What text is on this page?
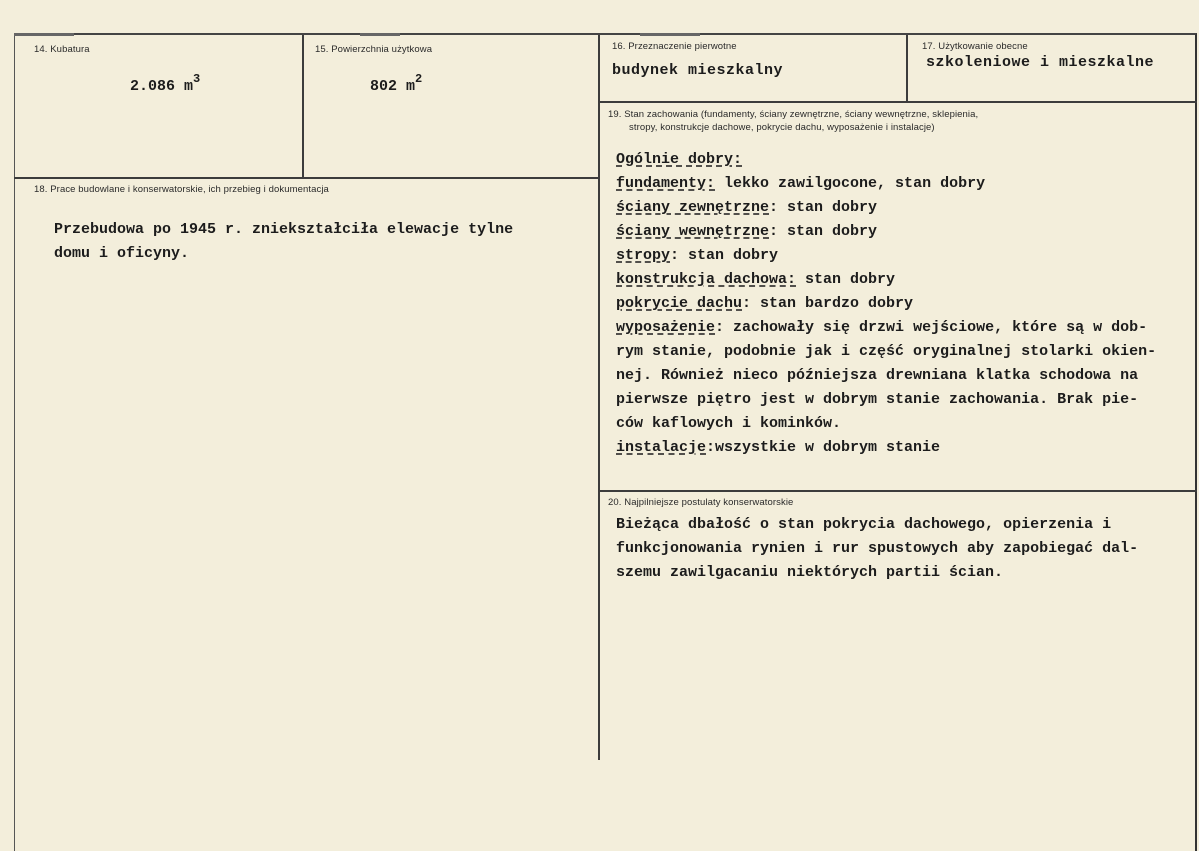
14. Kubatura
2.086 $m^3$
15. Powierzchnia użytkowa
802 $m^2$
16. Przeznaczenie pierwotne
budynek mieszkalny
17. Użytkowanie obecne
szkoleniowe i mieszkalne
18. Prace budowlane i konserwatorskie, ich przebieg i dokumentacja
Przebudowa po 1945 r. zniekształciła elewacje tylne
domu i oficyny.
19. Stan zachowania (fundamenty, ściany zewnętrzne, ściany wewnętrzne, sklepienia,
stropy, konstrukcje dachowe, pokrycie dachu, wyposażenie i instalacje)
Ogólnie dobry:
fundamenty: lekko zawilgocone, stan dobry
ściany zewnętrzne: stan dobry
ściany wewnętrzne: stan dobry
stropy: stan dobry
konstrukcja dachowa: stan dobry
pokrycie dachu: stan bardzo dobry
wyposażenie: zachowały się drzwi wejściowe, które są w dob-
rym stanie, podobnie jak i część oryginalnej stolarki okien-
nej. Również nieco późniejsza drewniana klatka schodowa na
pierwsze piętro jest w dobrym stanie zachowania. Brak pie-
ców kaflowych i kominków.
instalacje:wszystkie w dobrym stanie
20. Najpilniejsze postulaty konserwatorskie
Bieżąca dbałość o stan pokrycia dachowego, opierzenia i
funkcjonowania rynien i rur spustowych aby zapobiegać dal-
szemu zawilgacaniu niektórych partii ścian.
